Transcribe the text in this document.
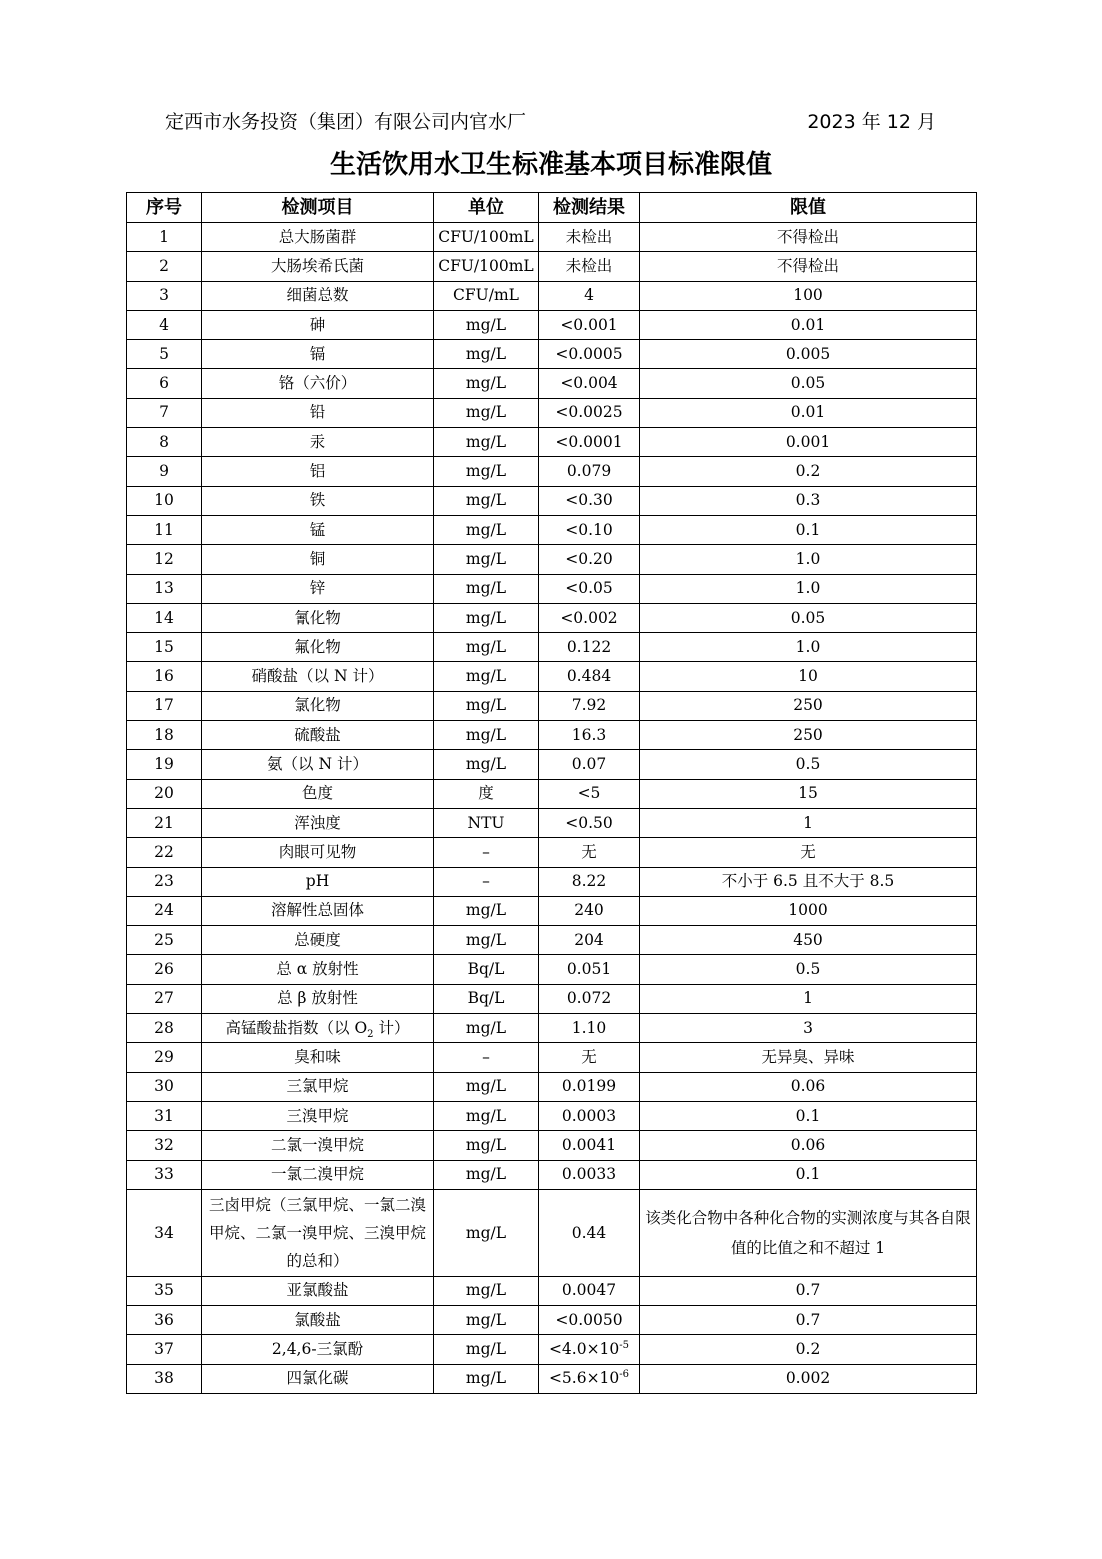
定西市水务投资（集团）有限公司内官水厂	2023 年 12 月
生活饮用水卫生标准基本项目标准限值
序号	检测项目	单位	检测结果	限值
1	总大肠菌群	CFU/100mL	未检出	不得检出
2	大肠埃希氏菌	CFU/100mL	未检出	不得检出
3	细菌总数	CFU/mL	4	100
4	砷	mg/L	<0.001	0.01
5	镉	mg/L	<0.0005	0.005
6	铬（六价）	mg/L	<0.004	0.05
7	铅	mg/L	<0.0025	0.01
8	汞	mg/L	<0.0001	0.001
9	铝	mg/L	0.079	0.2
10	铁	mg/L	<0.30	0.3
11	锰	mg/L	<0.10	0.1
12	铜	mg/L	<0.20	1.0
13	锌	mg/L	<0.05	1.0
14	氰化物	mg/L	<0.002	0.05
15	氟化物	mg/L	0.122	1.0
16	硝酸盐（以 N 计）	mg/L	0.484	10
17	氯化物	mg/L	7.92	250
18	硫酸盐	mg/L	16.3	250
19	氨（以 N 计）	mg/L	0.07	0.5
20	色度	度	<5	15
21	浑浊度	NTU	<0.50	1
22	肉眼可见物	–	无	无
23	pH	–	8.22	不小于 6.5 且不大于 8.5
24	溶解性总固体	mg/L	240	1000
25	总硬度	mg/L	204	450
26	总 α 放射性	Bq/L	0.051	0.5
27	总 β 放射性	Bq/L	0.072	1
28	高锰酸盐指数（以 $O_2$ 计）	mg/L	1.10	3
29	臭和味	–	无	无异臭、异味
30	三氯甲烷	mg/L	0.0199	0.06
31	三溴甲烷	mg/L	0.0003	0.1
32	二氯一溴甲烷	mg/L	0.0041	0.06
33	一氯二溴甲烷	mg/L	0.0033	0.1
34	三卤甲烷（三氯甲烷、一氯二溴甲烷、二氯一溴甲烷、三溴甲烷的总和）	mg/L	0.44	该类化合物中各种化合物的实测浓度与其各自限值的比值之和不超过 1
35	亚氯酸盐	mg/L	0.0047	0.7
36	氯酸盐	mg/L	<0.0050	0.7
37	2,4,6-三氯酚	mg/L	$<4.0\times 10^{-5}$	0.2
38	四氯化碳	mg/L	$<5.6\times 10^{-6}$	0.002
